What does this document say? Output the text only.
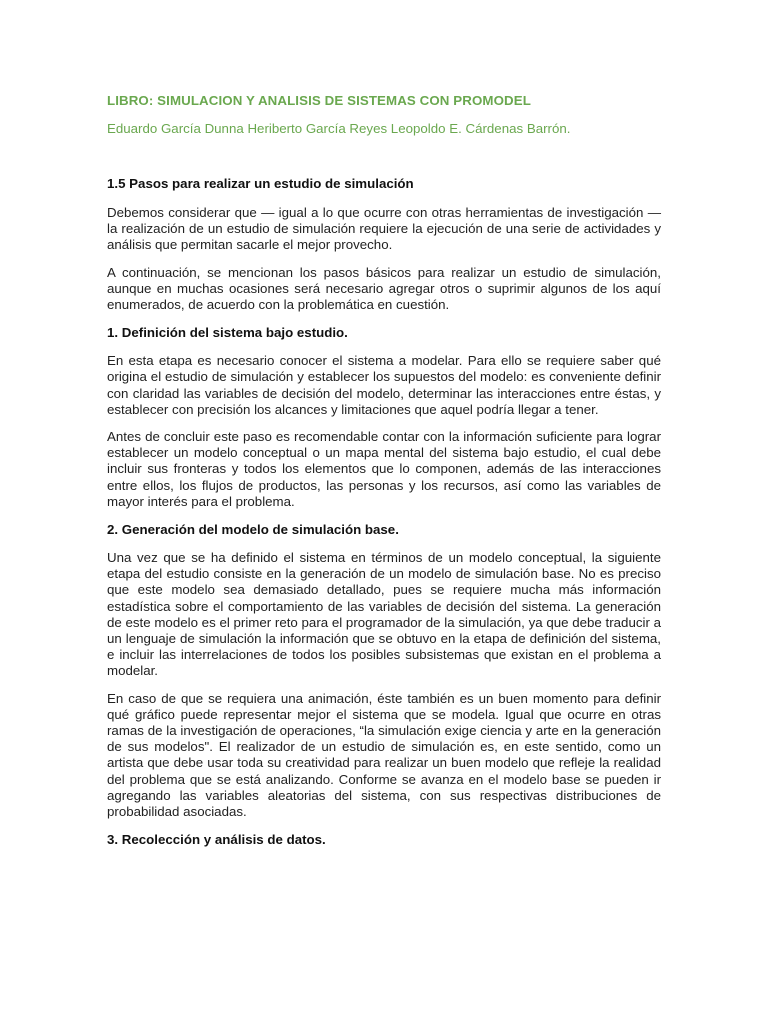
LIBRO: SIMULACION Y ANALISIS DE SISTEMAS CON PROMODEL
Eduardo García Dunna Heriberto García Reyes Leopoldo E. Cárdenas Barrón.
1.5 Pasos para realizar un estudio de simulación

Debemos considerar que — igual a lo que ocurre con otras herramientas de investigación — la realización de un estudio de simulación requiere la ejecución de una serie de actividades y análisis que permitan sacarle el mejor provecho.

A continuación, se mencionan los pasos básicos para realizar un estudio de simulación, aunque en muchas ocasiones será necesario agregar otros o suprimir algunos de los aquí enumerados, de acuerdo con la problemática en cuestión.

1. Definición del sistema bajo estudio.

En esta etapa es necesario conocer el sistema a modelar. Para ello se requiere saber qué origina el estudio de simulación y establecer los supuestos del modelo: es conveniente definir con claridad las variables de decisión del modelo, determinar las interacciones entre éstas, y establecer con precisión los alcances y limitaciones que aquel podría llegar a tener.

Antes de concluir este paso es recomendable contar con la información suficiente para lograr establecer un modelo conceptual o un mapa mental del sistema bajo estudio, el cual debe incluir sus fronteras y todos los elementos que lo componen, además de las interacciones entre ellos, los flujos de productos, las personas y los recursos, así como las variables de mayor interés para el problema.

2. Generación del modelo de simulación base.

Una vez que se ha definido el sistema en términos de un modelo conceptual, la siguiente etapa del estudio consiste en la generación de un modelo de simulación base. No es preciso que este modelo sea demasiado detallado, pues se requiere mucha más información estadística sobre el comportamiento de las variables de decisión del sistema. La generación de este modelo es el primer reto para el programador de la simulación, ya que debe traducir a un lenguaje de simulación la información que se obtuvo en la etapa de definición del sistema, e incluir las interrelaciones de todos los posibles subsistemas que existan en el problema a modelar.

En caso de que se requiera una animación, éste también es un buen momento para definir qué gráfico puede representar mejor el sistema que se modela. Igual que ocurre en otras ramas de la investigación de operaciones, “la simulación exige ciencia y arte en la generación de sus modelos". El realizador de un estudio de simulación es, en este sentido, como un artista que debe usar toda su creatividad para realizar un buen modelo que refleje la realidad del problema que se está analizando. Conforme se avanza en el modelo base se pueden ir agregando las variables aleatorias del sistema, con sus respectivas distribuciones de probabilidad asociadas.

3. Recolección y análisis de datos.
